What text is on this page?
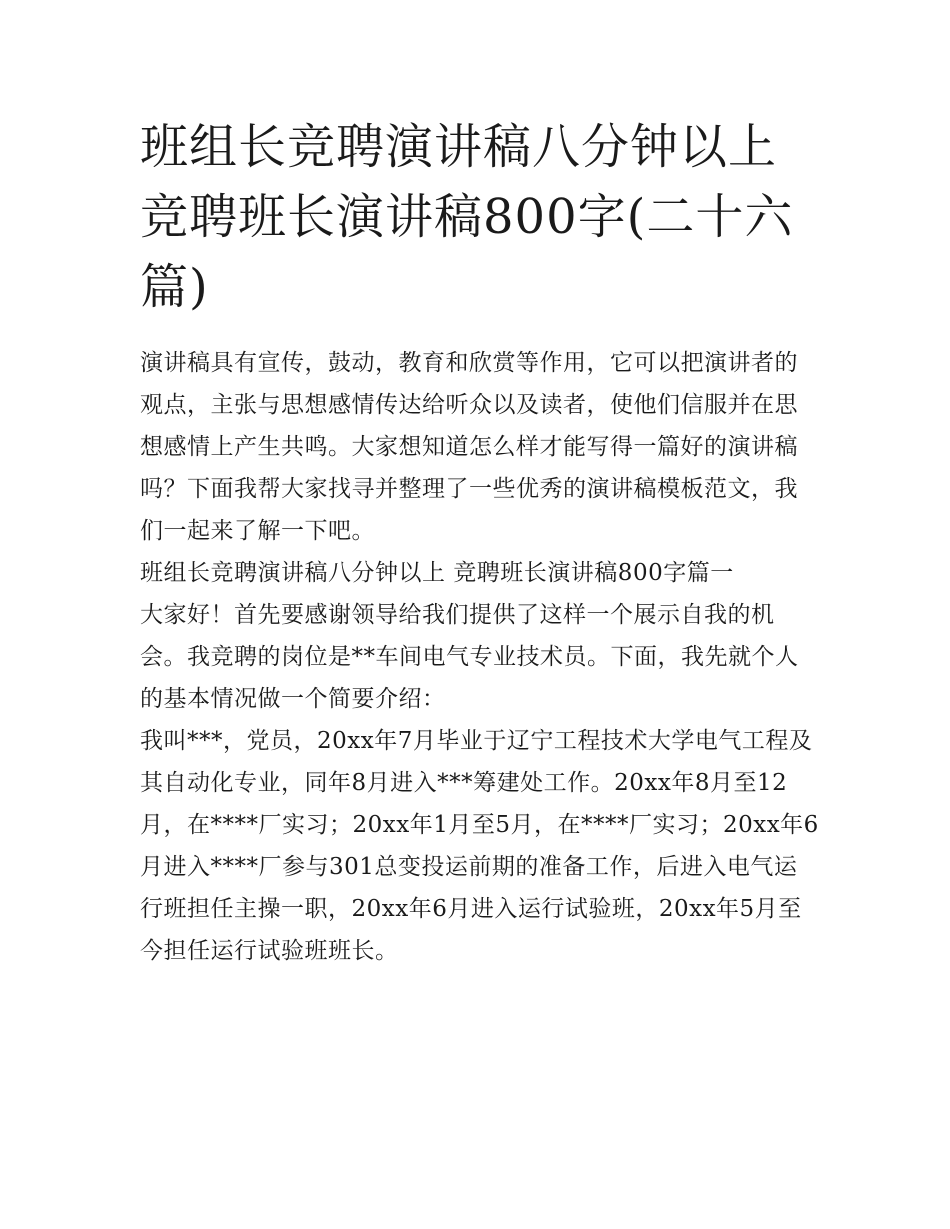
班组长竞聘演讲稿八分钟以上 竞聘班长演讲稿800字(二十六篇)

演讲稿具有宣传，鼓动，教育和欣赏等作用，它可以把演讲者的观点，主张与思想感情传达给听众以及读者，使他们信服并在思想感情上产生共鸣。大家想知道怎么样才能写得一篇好的演讲稿吗？下面我帮大家找寻并整理了一些优秀的演讲稿模板范文，我们一起来了解一下吧。

班组长竞聘演讲稿八分钟以上 竞聘班长演讲稿800字篇一

大家好！首先要感谢领导给我们提供了这样一个展示自我的机会。我竞聘的岗位是**车间电气专业技术员。下面，我先就个人的基本情况做一个简要介绍：

我叫***，党员，20xx年7月毕业于辽宁工程技术大学电气工程及其自动化专业，同年8月进入***筹建处工作。20xx年8月至12月，在****厂实习；20xx年1月至5月，在****厂实习；20xx年6月进入****厂参与301总变投运前期的准备工作，后进入电气运行班担任主操一职，20xx年6月进入运行试验班，20xx年5月至今担任运行试验班班长。
